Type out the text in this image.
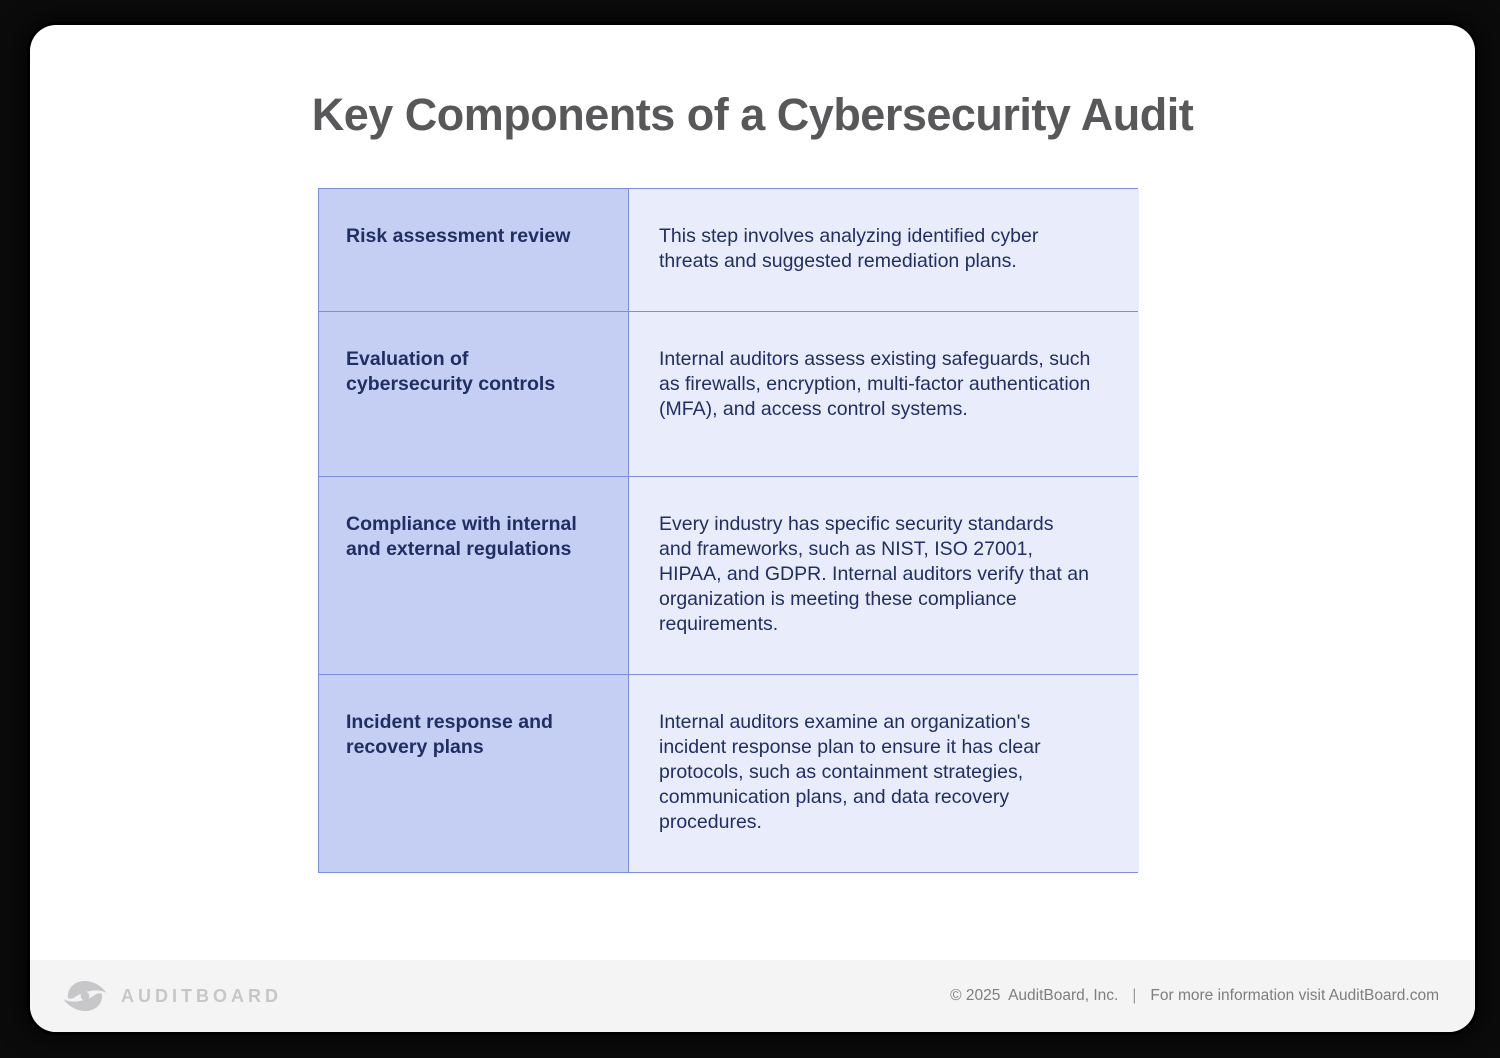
Key Components of a Cybersecurity Audit
Risk assessment review	This step involves analyzing identified cyber threats and suggested remediation plans.
Evaluation of cybersecurity controls
Internal auditors assess existing safeguards, such as firewalls, encryption, multi-factor authentication (MFA), and access control systems.
Compliance with internal and external regulations
Every industry has specific security standards and frameworks, such as NIST, ISO 27001, HIPAA, and GDPR. Internal auditors verify that an organization is meeting these compliance requirements.
Incident response and recovery plans
Internal auditors examine an organization's incident response plan to ensure it has clear protocols, such as containment strategies, communication plans, and data recovery procedures.
AUDITBOARD	© 2025  AuditBoard, Inc. | For more information visit AuditBoard.com
